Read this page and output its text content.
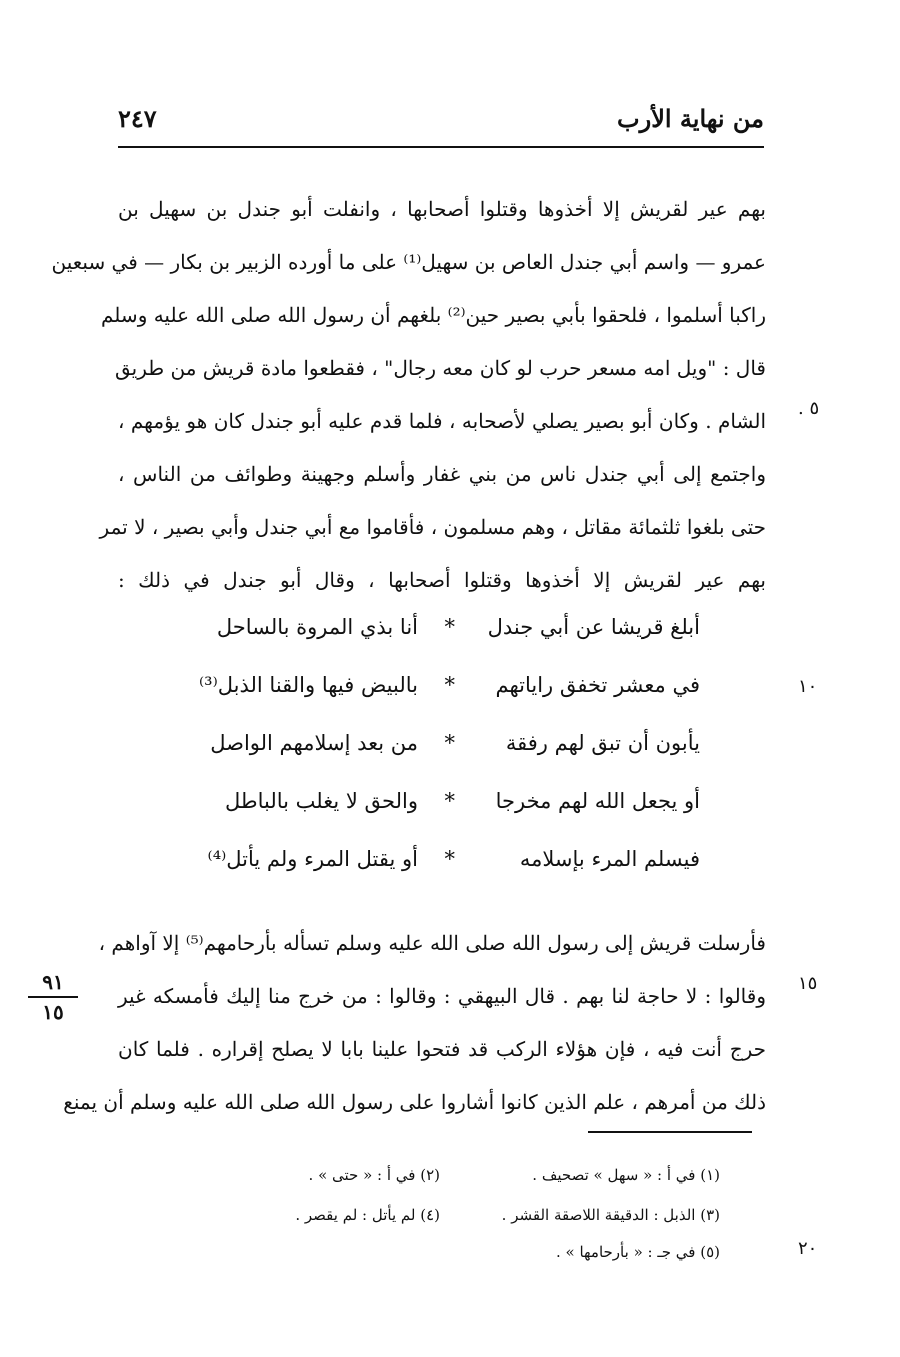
من نهاية الأرب
٢٤٧
بهم عير لقريش إلا أخذوها وقتلوا أصحابها ، وانفلت أبو جندل بن سهيل بن
عمرو — واسم أبي جندل العاص بن سهيل⁽¹⁾ على ما أورده الزبير بن بكار — في سبعين
راكبا أسلموا ، فلحقوا بأبي بصير حين⁽²⁾ بلغهم أن رسول الله صلى الله عليه وسلم
قال : "ويل امه مسعر حرب لو كان معه رجال" ، فقطعوا مادة قريش من طريق
الشام . وكان أبو بصير يصلي لأصحابه ، فلما قدم عليه أبو جندل كان هو يؤمهم ،
واجتمع إلى أبي جندل ناس من بني غفار وأسلم وجهينة وطوائف من الناس ،
حتى بلغوا ثلثمائة مقاتل ، وهم مسلمون ، فأقاموا مع أبي جندل وأبي بصير ، لا تمر
بهم عير لقريش إلا أخذوها وقتلوا أصحابها ، وقال أبو جندل في ذلك :
أبلغ قريشا عن أبي جندل
*
أنا بذي المروة بالساحل
في معشر تخفق راياتهم
*
بالبيض فيها والقنا الذبل⁽³⁾
يأبون أن تبق لهم رفقة
*
من بعد إسلامهم الواصل
أو يجعل الله لهم مخرجا
*
والحق لا يغلب بالباطل
فيسلم المرء بإسلامه
*
أو يقتل المرء ولم يأتل⁽⁴⁾
فأرسلت قريش إلى رسول الله صلى الله عليه وسلم تسأله بأرحامهم⁽⁵⁾ إلا آواهم ،
وقالوا : لا حاجة لنا بهم . قال البيهقي : وقالوا : من خرج منا إليك فأمسكه غير
حرج أنت فيه ، فإن هؤلاء الركب قد فتحوا علينا بابا لا يصلح إقراره . فلما كان
ذلك من أمرهم ، علم الذين كانوا أشاروا على رسول الله صلى الله عليه وسلم أن يمنع
٥ .
١٠
١٥
٢٠
٩١
١٥
(١) في أ : « سهل » تصحيف .
(٢) في أ : « حتى » .
(٣) الذبل : الدقيقة اللاصقة القشر .
(٤) لم يأتل : لم يقصر .
(٥) في جـ : « بأرحامها » .
